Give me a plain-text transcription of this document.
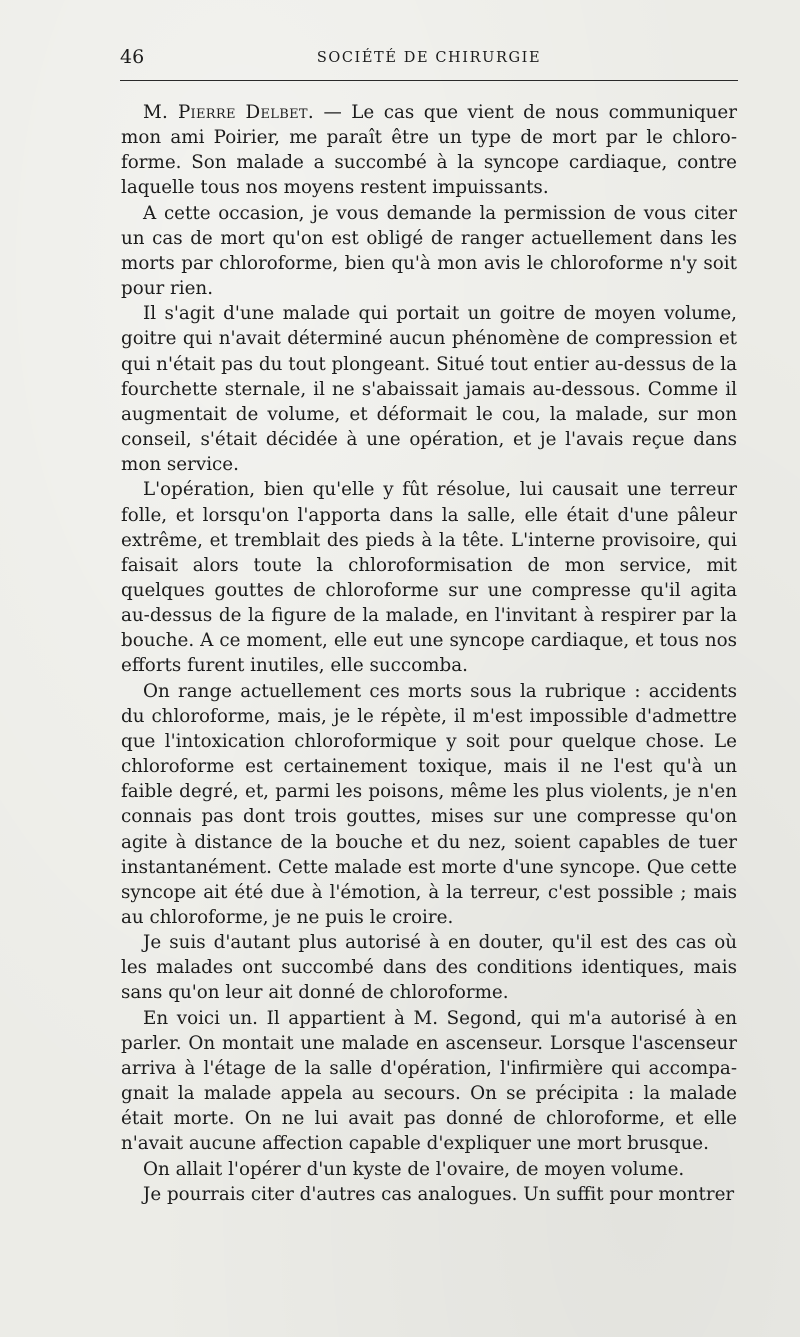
46	SOCIÉTÉ DE CHIRURGIE

M. Pierre Delbet. — Le cas que vient de nous communiquer mon ami Poirier, me paraît être un type de mort par le chloroforme. Son malade a succombé à la syncope cardiaque, contre laquelle tous nos moyens restent impuissants.

A cette occasion, je vous demande la permission de vous citer un cas de mort qu'on est obligé de ranger actuellement dans les morts par chloroforme, bien qu'à mon avis le chloroforme n'y soit pour rien.

Il s'agit d'une malade qui portait un goitre de moyen volume, goitre qui n'avait déterminé aucun phénomène de compression et qui n'était pas du tout plongeant. Situé tout entier au-dessus de la fourchette sternale, il ne s'abaissait jamais au-dessous. Comme il augmentait de volume, et déformait le cou, la malade, sur mon conseil, s'était décidée à une opération, et je l'avais reçue dans mon service.

L'opération, bien qu'elle y fût résolue, lui causait une terreur folle, et lorsqu'on l'apporta dans la salle, elle était d'une pâleur extrême, et tremblait des pieds à la tête. L'interne provisoire, qui faisait alors toute la chloroformisation de mon service, mit quelques gouttes de chloroforme sur une compresse qu'il agita au-dessus de la figure de la malade, en l'invitant à respirer par la bouche. A ce moment, elle eut une syncope cardiaque, et tous nos efforts furent inutiles, elle succomba.

On range actuellement ces morts sous la rubrique : accidents du chloroforme, mais, je le répète, il m'est impossible d'admettre que l'intoxication chloroformique y soit pour quelque chose. Le chloroforme est certainement toxique, mais il ne l'est qu'à un faible degré, et, parmi les poisons, même les plus violents, je n'en connais pas dont trois gouttes, mises sur une compresse qu'on agite à distance de la bouche et du nez, soient capables de tuer instantanément. Cette malade est morte d'une syncope. Que cette syncope ait été due à l'émotion, à la terreur, c'est possible ; mais au chloroforme, je ne puis le croire.

Je suis d'autant plus autorisé à en douter, qu'il est des cas où les malades ont succombé dans des conditions identiques, mais sans qu'on leur ait donné de chloroforme.

En voici un. Il appartient à M. Segond, qui m'a autorisé à en parler. On montait une malade en ascenseur. Lorsque l'ascenseur arriva à l'étage de la salle d'opération, l'infirmière qui accompagnait la malade appela au secours. On se précipita : la malade était morte. On ne lui avait pas donné de chloroforme, et elle n'avait aucune affection capable d'expliquer une mort brusque.

On allait l'opérer d'un kyste de l'ovaire, de moyen volume.

Je pourrais citer d'autres cas analogues. Un suffit pour montrer
